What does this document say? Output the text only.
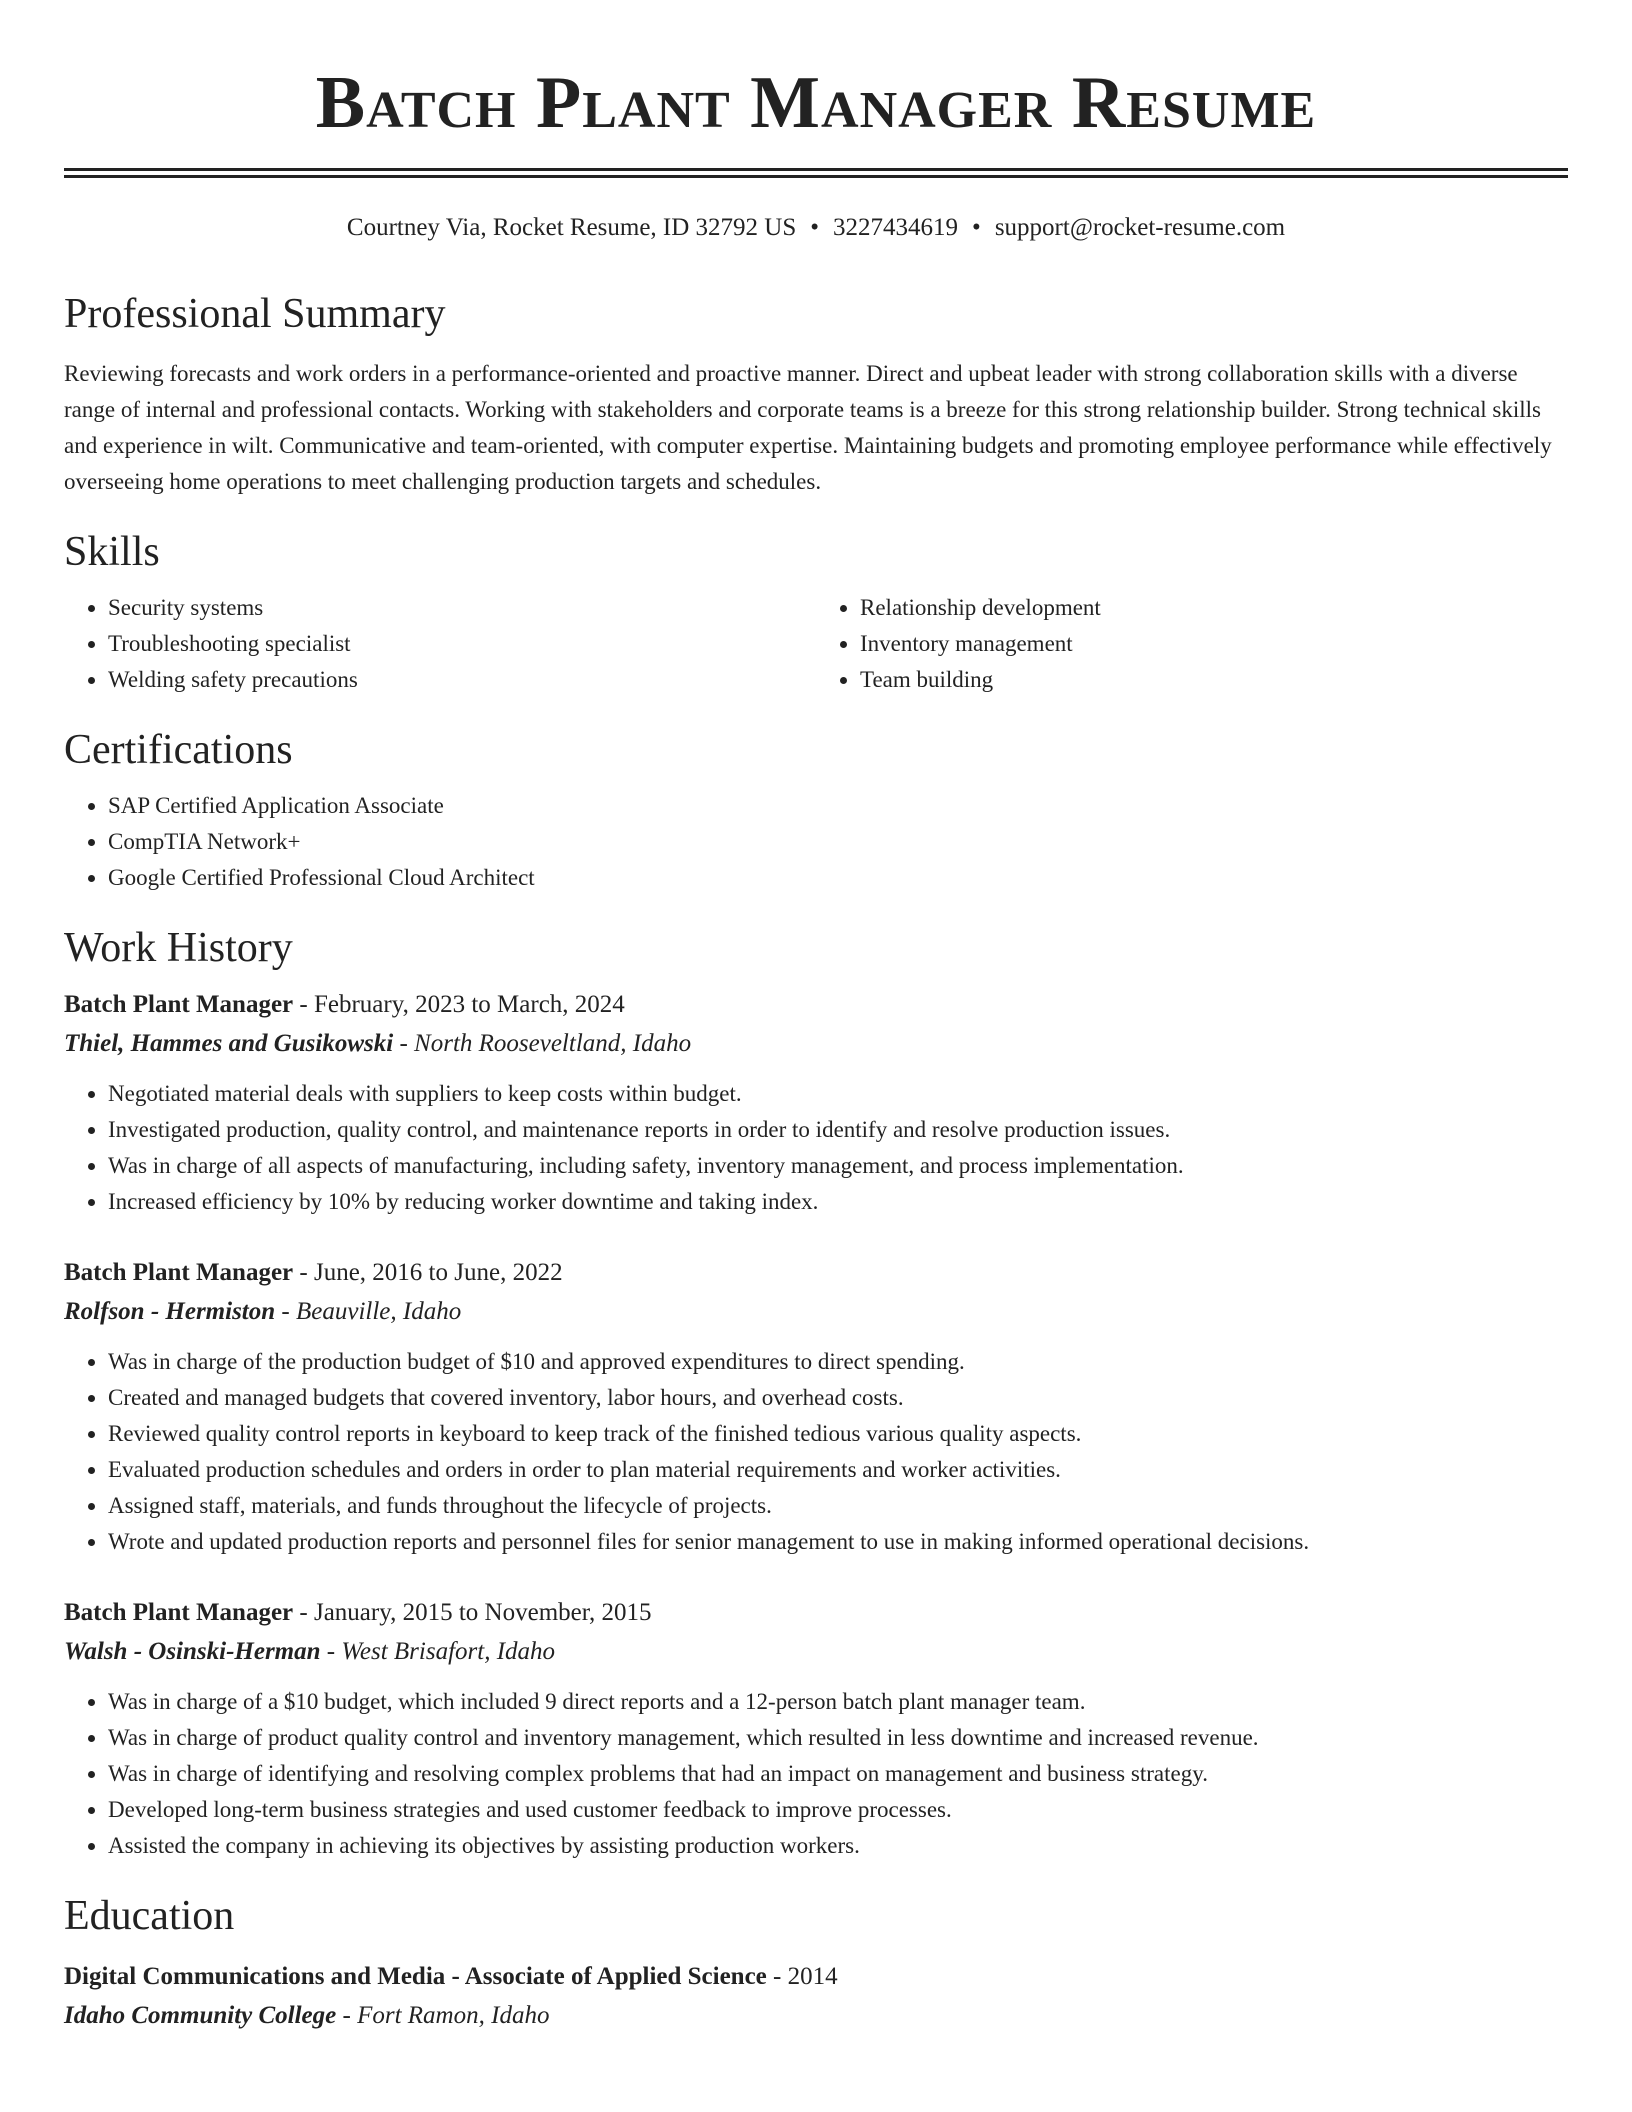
Batch Plant Manager Resume
Courtney Via, Rocket Resume, ID 32792 US • 3227434619 • support@rocket-resume.com
Professional Summary

Reviewing forecasts and work orders in a performance-oriented and proactive manner. Direct and upbeat leader with strong collaboration skills with a diverse range of internal and professional contacts. Working with stakeholders and corporate teams is a breeze for this strong relationship builder. Strong technical skills and experience in wilt. Communicative and team-oriented, with computer expertise. Maintaining budgets and promoting employee performance while effectively overseeing home operations to meet challenging production targets and schedules.

Skills
• Security systems
• Troubleshooting specialist
• Welding safety precautions
• Relationship development
• Inventory management
• Team building
Certifications
• SAP Certified Application Associate
• CompTIA Network+
• Google Certified Professional Cloud Architect
Work History
Batch Plant Manager - February, 2023 to March, 2024
Thiel, Hammes and Gusikowski - North Rooseveltland, Idaho
• Negotiated material deals with suppliers to keep costs within budget.
• Investigated production, quality control, and maintenance reports in order to identify and resolve production issues.
• Was in charge of all aspects of manufacturing, including safety, inventory management, and process implementation.
• Increased efficiency by 10% by reducing worker downtime and taking index.
Batch Plant Manager - June, 2016 to June, 2022
Rolfson - Hermiston - Beauville, Idaho
• Was in charge of the production budget of $10 and approved expenditures to direct spending.
• Created and managed budgets that covered inventory, labor hours, and overhead costs.
• Reviewed quality control reports in keyboard to keep track of the finished tedious various quality aspects.
• Evaluated production schedules and orders in order to plan material requirements and worker activities.
• Assigned staff, materials, and funds throughout the lifecycle of projects.
• Wrote and updated production reports and personnel files for senior management to use in making informed operational decisions.
Batch Plant Manager - January, 2015 to November, 2015
Walsh - Osinski-Herman - West Brisafort, Idaho
• Was in charge of a $10 budget, which included 9 direct reports and a 12-person batch plant manager team.
• Was in charge of product quality control and inventory management, which resulted in less downtime and increased revenue.
• Was in charge of identifying and resolving complex problems that had an impact on management and business strategy.
• Developed long-term business strategies and used customer feedback to improve processes.
• Assisted the company in achieving its objectives by assisting production workers.
Education
Digital Communications and Media - Associate of Applied Science - 2014
Idaho Community College - Fort Ramon, Idaho
